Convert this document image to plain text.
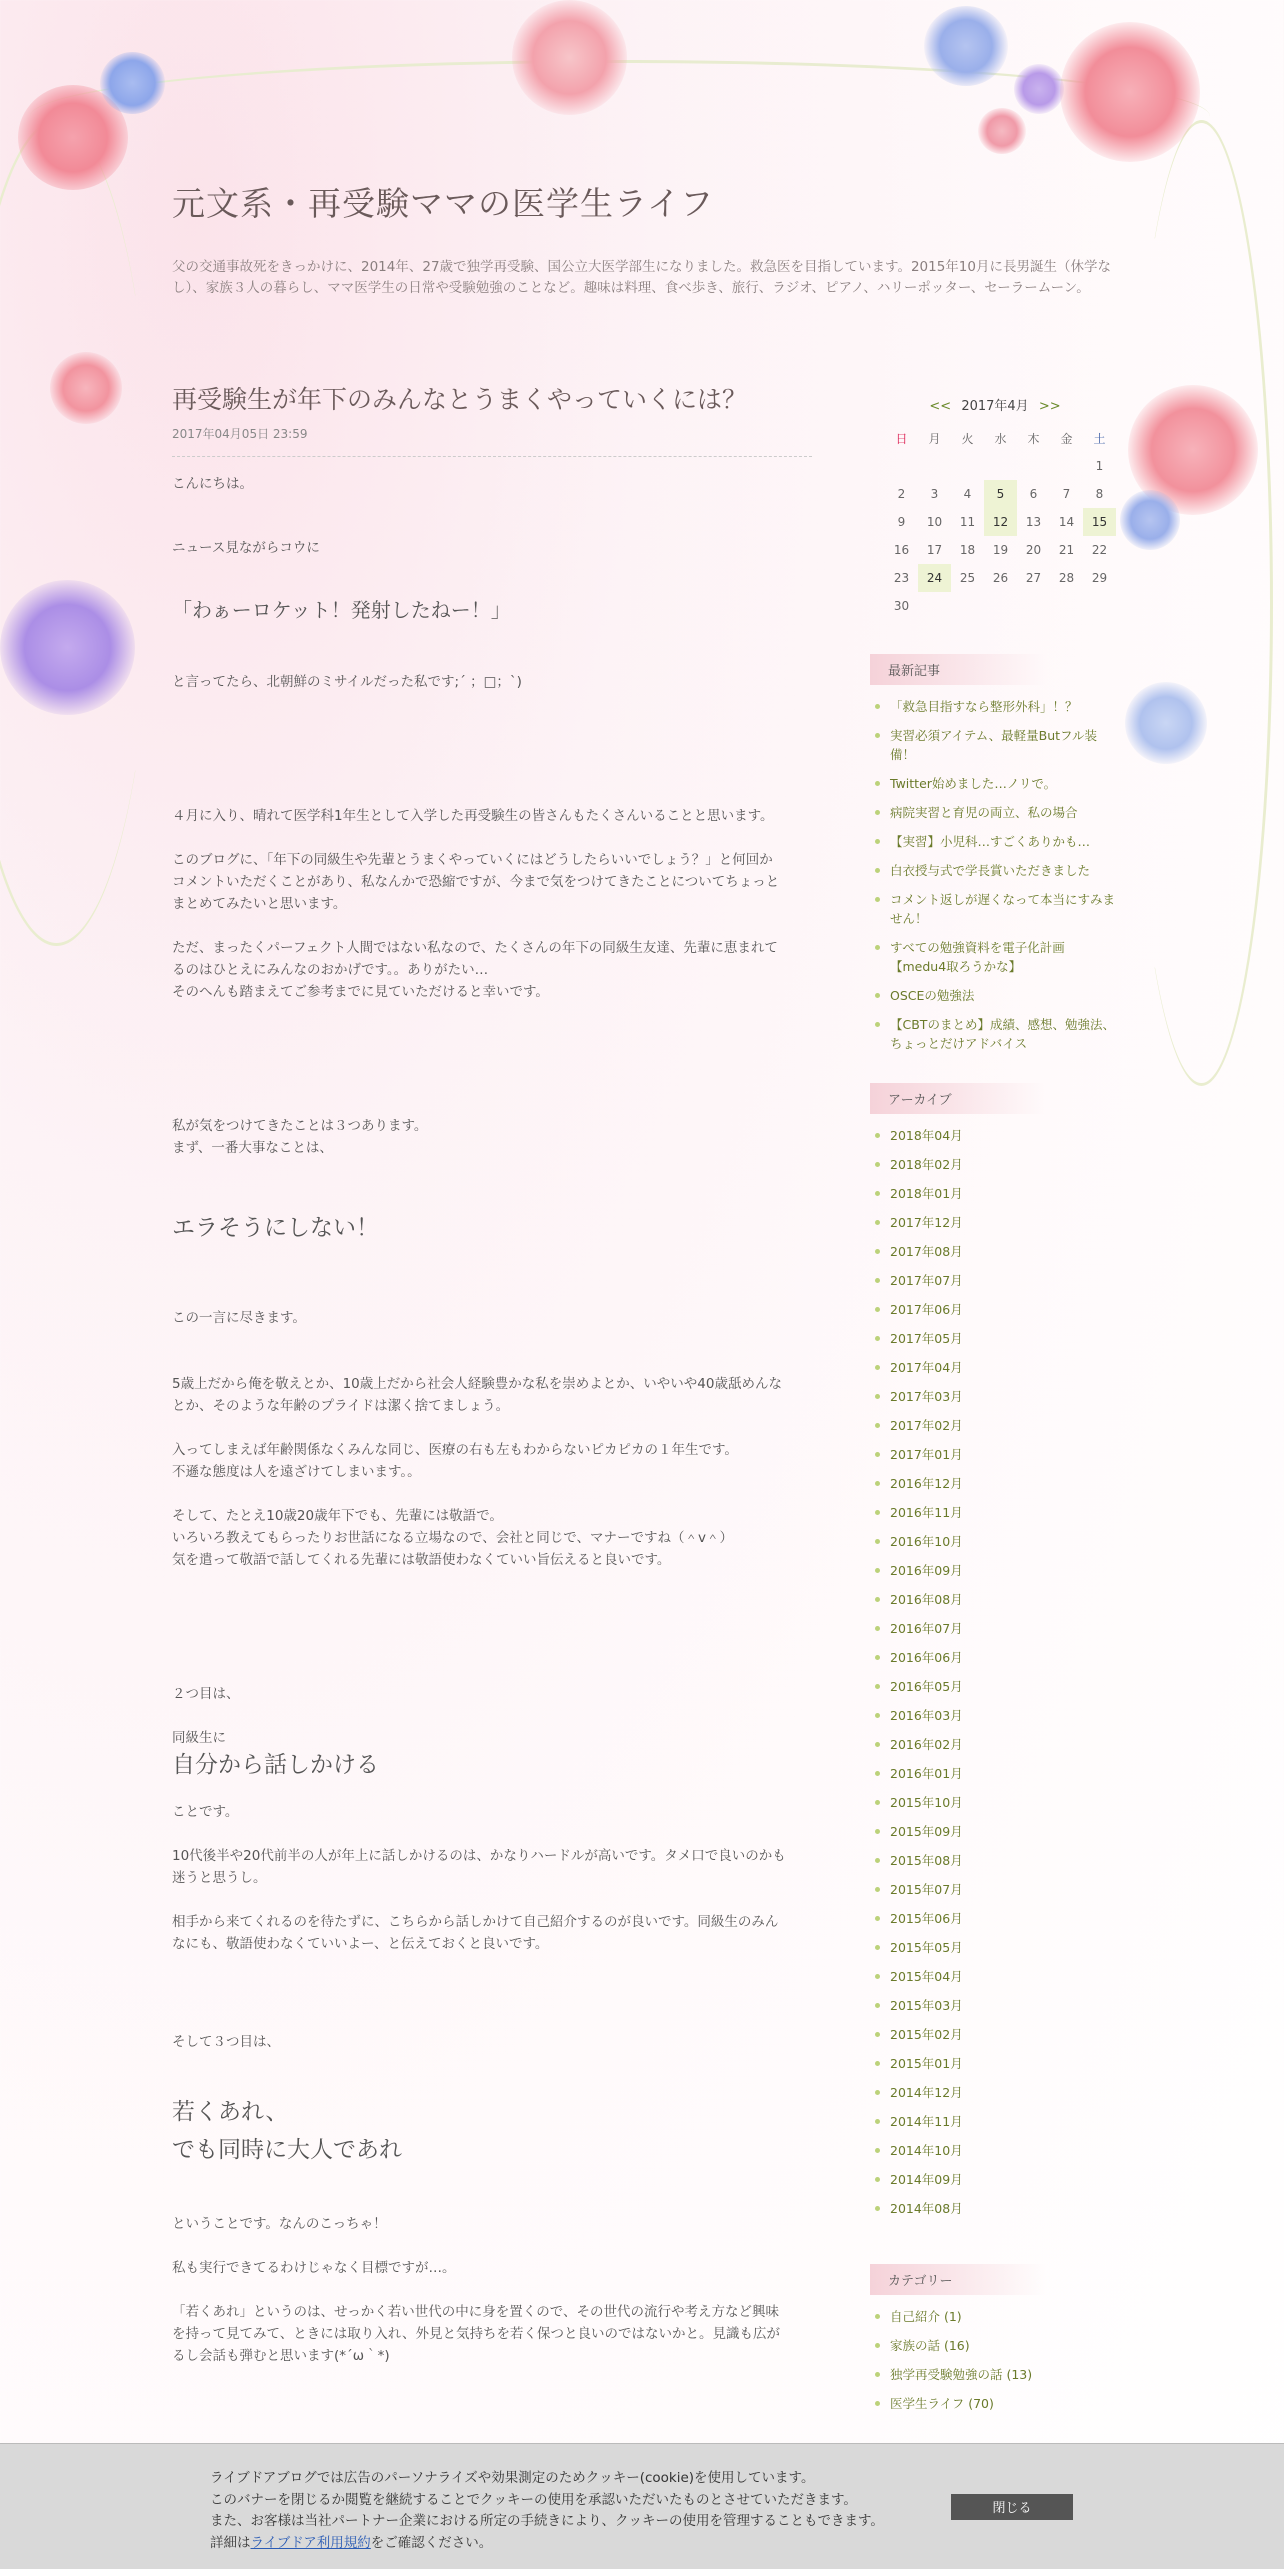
元文系・再受験ママの医学生ライフ
父の交通事故死をきっかけに、2014年、27歳で独学再受験、国公立大医学部生になりました。救急医を目指しています。2015年10月に長男誕生（休学なし）、家族３人の暮らし、ママ医学生の日常や受験勉強のことなど。趣味は料理、食べ歩き、旅行、ラジオ、ピアノ、ハリーポッター、セーラームーン。
再受験生が年下のみんなとうまくやっていくには？
2017年04月05日 23:59

こんにちは。

ニュース見ながらコウに

「わぁーロケット！発射したねー！」

と言ってたら、北朝鮮のミサイルだった私です;´ ；□；`)

４月に入り、晴れて医学科1年生として入学した再受験生の皆さんもたくさんいることと思います。

このブログに、「年下の同級生や先輩とうまくやっていくにはどうしたらいいでしょう？」と何回か

コメントいただくことがあり、私なんかで恐縮ですが、今まで気をつけてきたことについてちょっと

まとめてみたいと思います。

ただ、まったくパーフェクト人間ではない私なので、たくさんの年下の同級生友達、先輩に恵まれて

るのはひとえにみんなのおかげです。。ありがたい…

そのへんも踏まえてご参考までに見ていただけると幸いです。

私が気をつけてきたことは３つあります。

まず、一番大事なことは、

エラそうにしない！

この一言に尽きます。

5歳上だから俺を敬えとか、10歳上だから社会人経験豊かな私を崇めよとか、いやいや40歳舐めんな

とか、そのような年齢のプライドは潔く捨てましょう。

入ってしまえば年齢関係なくみんな同じ、医療の右も左もわからないピカピカの１年生です。

不遜な態度は人を遠ざけてしまいます。。

そして、たとえ10歳20歳年下でも、先輩には敬語で。

いろいろ教えてもらったりお世話になる立場なので、会社と同じで、マナーですね（＾v＾）

気を遣って敬語で話してくれる先輩には敬語使わなくていい旨伝えると良いです。

２つ目は、

同級生に

自分から話しかける

ことです。

10代後半や20代前半の人が年上に話しかけるのは、かなりハードルが高いです。タメ口で良いのかも

迷うと思うし。

相手から来てくれるのを待たずに、こちらから話しかけて自己紹介するのが良いです。同級生のみん

なにも、敬語使わなくていいよー、と伝えておくと良いです。

そして３つ目は、

若くあれ、

でも同時に大人であれ

ということです。なんのこっちゃ！

私も実行できてるわけじゃなく目標ですが…。

「若くあれ」というのは、せっかく若い世代の中に身を置くので、その世代の流行や考え方など興味

を持って見てみて、ときには取り入れ、外見と気持ちを若く保つと良いのではないかと。見識も広が

るし会話も弾むと思います(*´ω｀*)

<< 2017年4月 >>
日	月	火	水	木	金	土
						1
2	3	4	5	6	7	8
9	10	11	12	13	14	15
16	17	18	19	20	21	22
23	24	25	26	27	28	29
30						
最新記事
「救急目指すなら整形外科」！？
実習必須アイテム、最軽量Butフル装備！
Twitter始めました…ノリで。
病院実習と育児の両立、私の場合
【実習】小児科…すごくありかも…
白衣授与式で学長賞いただきました
コメント返しが遅くなって本当にすみません！
すべての勉強資料を電子化計画【medu4取ろうかな】
OSCEの勉強法
【CBTのまとめ】成績、感想、勉強法、ちょっとだけアドバイス
アーカイブ
2018年04月
2018年02月
2018年01月
2017年12月
2017年08月
2017年07月
2017年06月
2017年05月
2017年04月
2017年03月
2017年02月
2017年01月
2016年12月
2016年11月
2016年10月
2016年09月
2016年08月
2016年07月
2016年06月
2016年05月
2016年03月
2016年02月
2016年01月
2015年10月
2015年09月
2015年08月
2015年07月
2015年06月
2015年05月
2015年04月
2015年03月
2015年02月
2015年01月
2014年12月
2014年11月
2014年10月
2014年09月
2014年08月
カテゴリー
自己紹介 (1)
家族の話 (16)
独学再受験勉強の話 (13)
医学生ライフ (70)
ライブドアブログでは広告のパーソナライズや効果測定のためクッキー(cookie)を使用しています。
このバナーを閉じるか閲覧を継続することでクッキーの使用を承認いただいたものとさせていただきます。
また、お客様は当社パートナー企業における所定の手続きにより、クッキーの使用を管理することもできます。
詳細はライブドア利用規約をご確認ください。
閉じる
